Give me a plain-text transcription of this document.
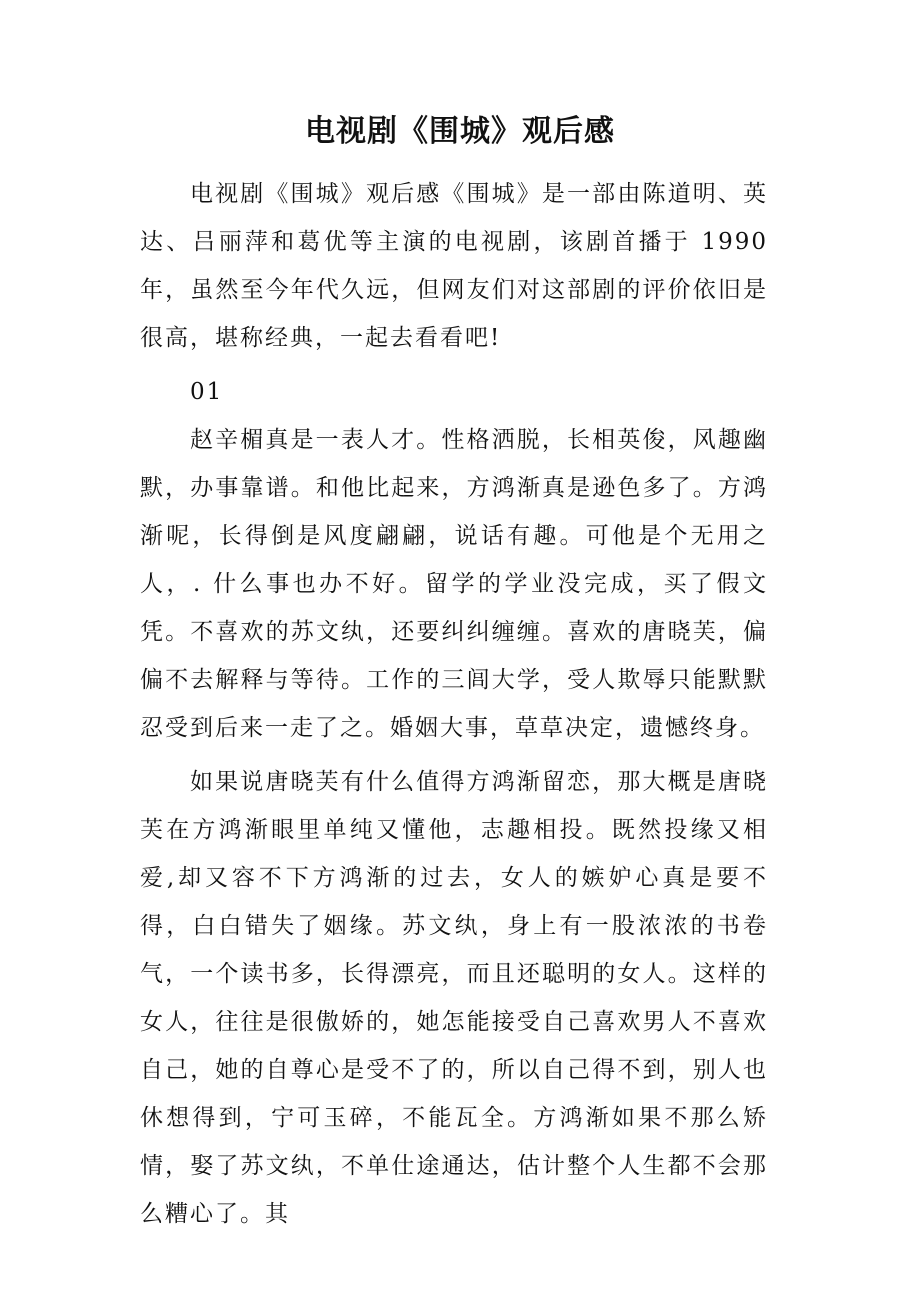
电视剧《围城》观后感

电视剧《围城》观后感《围城》是一部由陈道明、英达、吕丽萍和葛优等主演的电视剧，该剧首播于 1990 年，虽然至今年代久远，但网友们对这部剧的评价依旧是很高，堪称经典，一起去看看吧!

01

赵辛楣真是一表人才。性格洒脱，长相英俊，风趣幽默，办事靠谱。和他比起来，方鸿渐真是逊色多了。方鸿渐呢，长得倒是风度翩翩，说话有趣。可他是个无用之人，. 什么事也办不好。留学的学业没完成，买了假文凭。不喜欢的苏文纨，还要纠纠缠缠。喜欢的唐晓芙，偏偏不去解释与等待。工作的三闾大学，受人欺辱只能默默忍受到后来一走了之。婚姻大事，草草决定，遗憾终身。

如果说唐晓芙有什么值得方鸿渐留恋，那大概是唐晓芙在方鸿渐眼里单纯又懂他，志趣相投。既然投缘又相爱,却又容不下方鸿渐的过去，女人的嫉妒心真是要不得，白白错失了姻缘。苏文纨，身上有一股浓浓的书卷气，一个读书多，长得漂亮，而且还聪明的女人。这样的女人，往往是很傲娇的，她怎能接受自己喜欢男人不喜欢自己，她的自尊心是受不了的，所以自己得不到，别人也休想得到，宁可玉碎，不能瓦全。方鸿渐如果不那么矫情，娶了苏文纨，不单仕途通达，估计整个人生都不会那么糟心了。其
